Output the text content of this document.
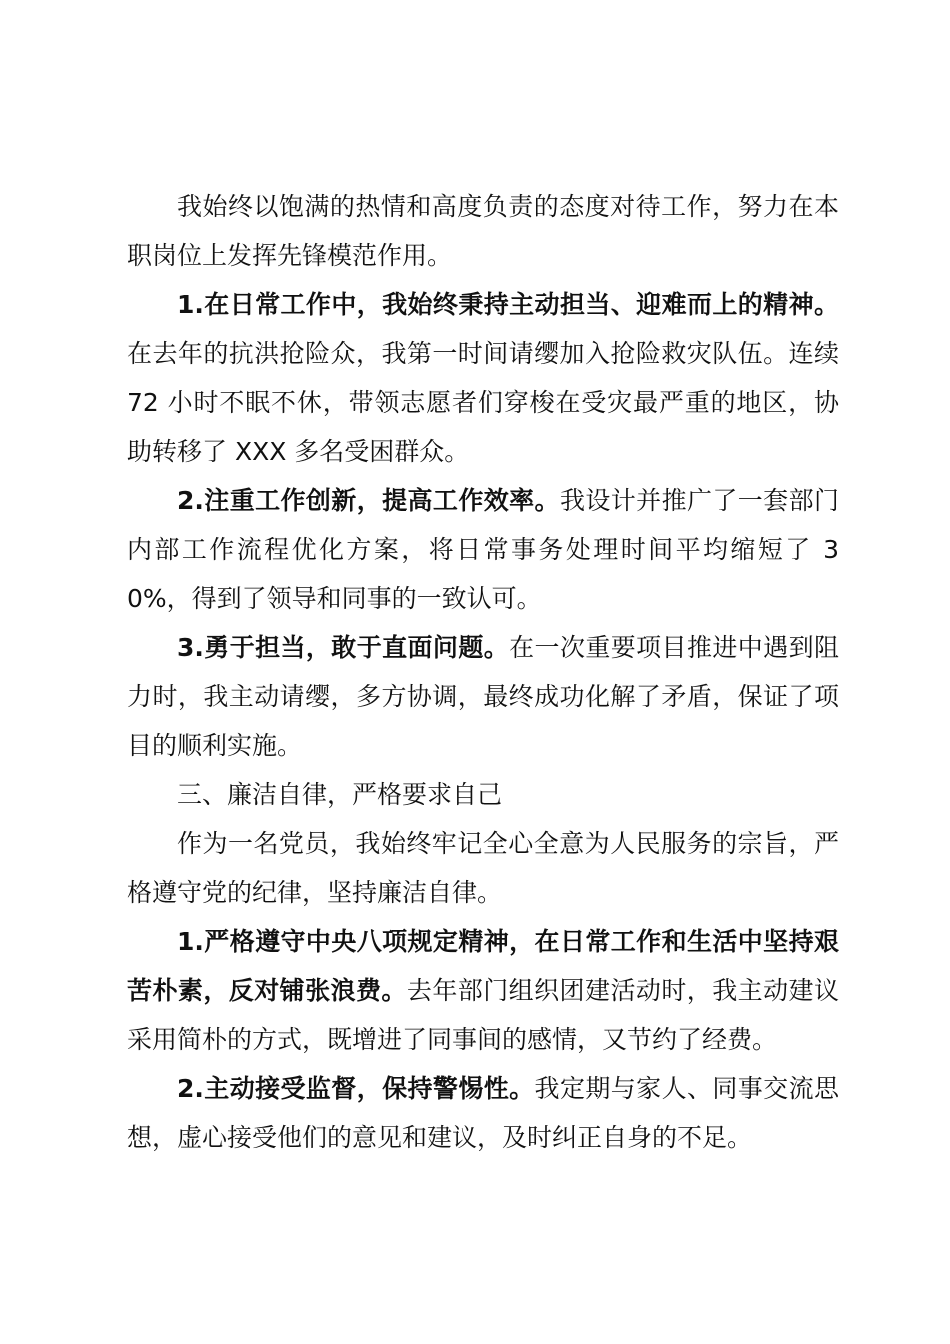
我始终以饱满的热情和高度负责的态度对待工作，努力在本职岗位上发挥先锋模范作用。

1.在日常工作中，我始终秉持主动担当、迎难而上的精神。在去年的抗洪抢险众，我第一时间请缨加入抢险救灾队伍。连续 72 小时不眠不休，带领志愿者们穿梭在受灾最严重的地区，协助转移了 XXX 多名受困群众。

2.注重工作创新，提高工作效率。我设计并推广了一套部门内部工作流程优化方案，将日常事务处理时间平均缩短了 30%，得到了领导和同事的一致认可。

3.勇于担当，敢于直面问题。在一次重要项目推进中遇到阻力时，我主动请缨，多方协调，最终成功化解了矛盾，保证了项目的顺利实施。

三、廉洁自律，严格要求自己

作为一名党员，我始终牢记全心全意为人民服务的宗旨，严格遵守党的纪律，坚持廉洁自律。

1.严格遵守中央八项规定精神，在日常工作和生活中坚持艰苦朴素，反对铺张浪费。去年部门组织团建活动时，我主动建议采用简朴的方式，既增进了同事间的感情，又节约了经费。

2.主动接受监督，保持警惕性。我定期与家人、同事交流思想，虚心接受他们的意见和建议，及时纠正自身的不足。
